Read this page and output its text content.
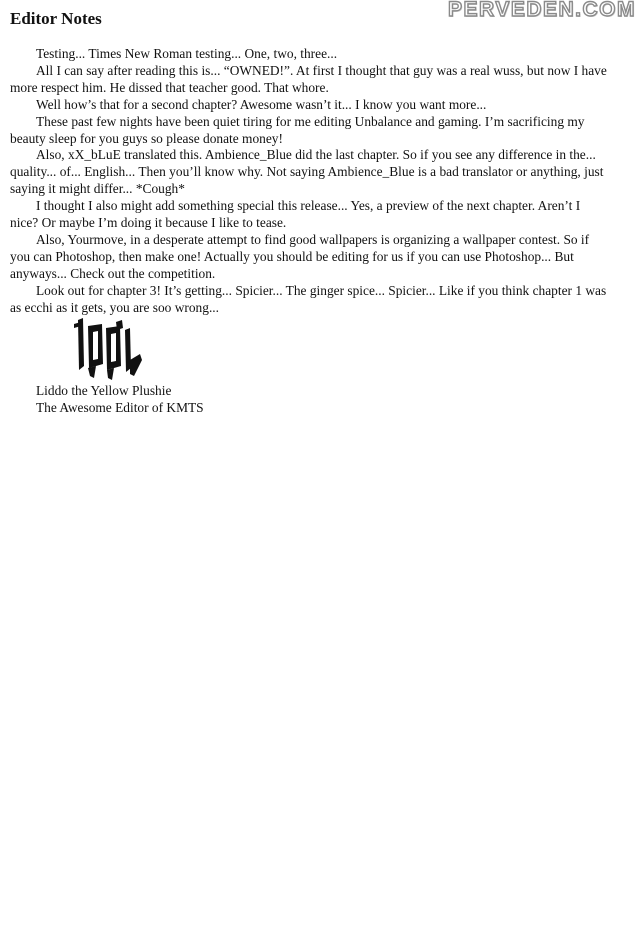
PERVEDEN.COM
Editor Notes

Testing... Times New Roman testing... One, two, three...

All I can say after reading this is... “OWNED!”. At first I thought that guy was a real wuss, but now I have more respect him. He dissed that teacher good. That whore.

Well how’s that for a second chapter? Awesome wasn’t it... I know you want more...

These past few nights have been quiet tiring for me editing Unbalance and gaming. I’m sacrificing my beauty sleep for you guys so please donate money!

Also, xX_bLuE translated this. Ambience_Blue did the last chapter. So if you see any difference in the... quality... of... English... Then you’ll know why. Not saying Ambience_Blue is a bad translator or anything, just saying it might differ... *Cough*

I thought I also might add something special this release... Yes, a preview of the next chapter. Aren’t I nice? Or maybe I’m doing it because I like to tease.

Also, Yourmove, in a desperate attempt to find good wallpapers is organizing a wallpaper contest. So if you can Photoshop, then make one! Actually you should be editing for us if you can use Photoshop... But anyways... Check out the competition.

Look out for chapter 3! It’s getting... Spicier... The ginger spice... Spicier... Like if you think chapter 1 was as ecchi as it gets, you are soo wrong...

Liddo the Yellow Plushie
The Awesome Editor of KMTS
